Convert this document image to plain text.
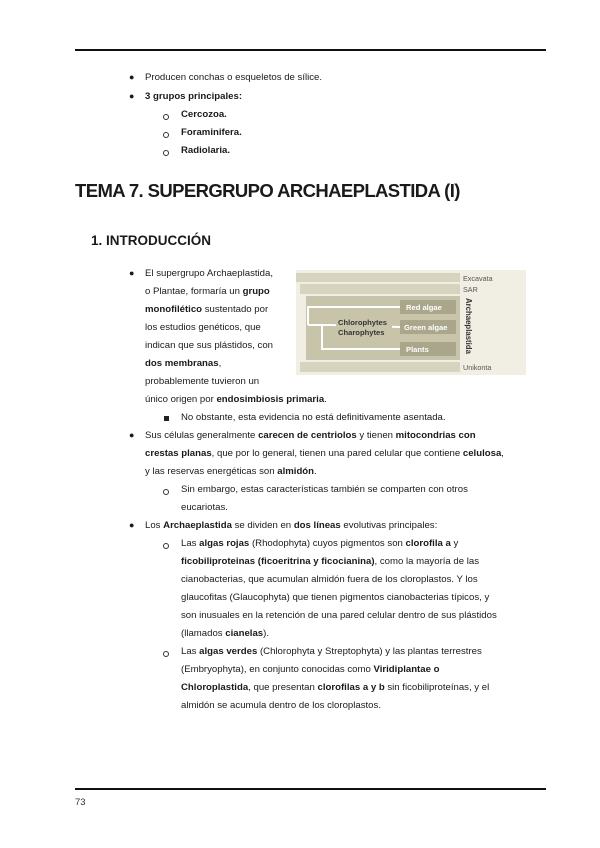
● Producen conchas o esqueletos de sílice.
● 3 grupos principales:
Cercozoa.
Foraminifera.
Radiolaria.
TEMA 7. SUPERGRUPO ARCHAEPLASTIDA (I)
1. INTRODUCCIÓN
● El supergrupo Archaeplastida,
o Plantae, formaría un grupo
monofilético sustentado por
los estudios genéticos, que
indican que sus plástidos, con
dos membranas,
probablemente tuvieron un
único origen por endosimbiosis primaria.
No obstante, esta evidencia no está definitivamente asentada.
Red algae
Green algae
Plants
Chlorophytes
Charophytes
Excavata
SAR
Unikonta
Archaeplastida
● Sus células generalmente carecen de centriolos y tienen mitocondrias con
crestas planas, que por lo general, tienen una pared celular que contiene celulosa,
y las reservas energéticas son almidón.
Sin embargo, estas características también se comparten con otros
eucariotas.
● Los Archaeplastida se dividen en dos líneas evolutivas principales:
Las algas rojas (Rhodophyta) cuyos pigmentos son clorofila a y
ficobiliproteinas (ficoeritrina y ficocianina), como la mayoría de las
cianobacterias, que acumulan almidón fuera de los cloroplastos. Y los
glaucofitas (Glaucophyta) que tienen pigmentos cianobacterias típicos, y
son inusuales en la retención de una pared celular dentro de sus plástidos
(llamados cianelas).
Las algas verdes (Chlorophyta y Streptophyta) y las plantas terrestres
(Embryophyta), en conjunto conocidas como Viridiplantae o
Chloroplastida, que presentan clorofilas a y b sin ficobiliproteínas, y el
almidón se acumula dentro de los cloroplastos.
73
